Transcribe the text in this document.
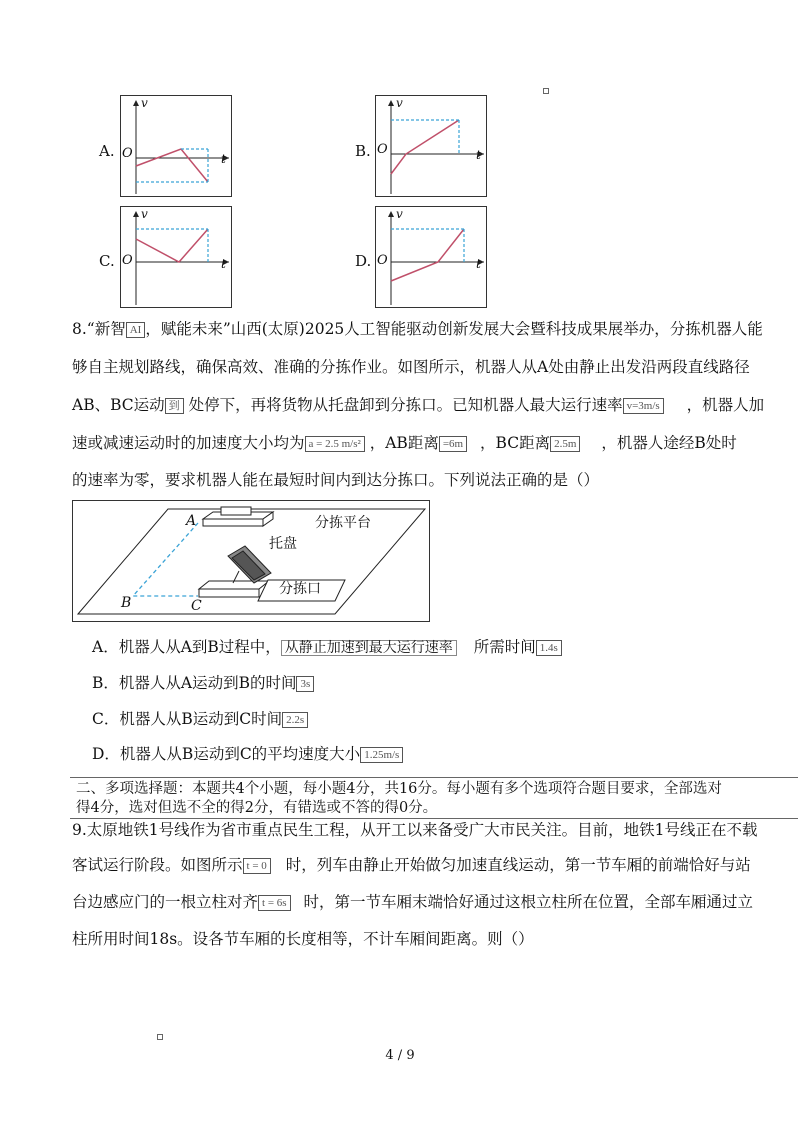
A.
v
O	t	B.
v
O	t
C.
v
O	t	D.
v
O	t
8.“新智 AI ，赋能未来”山西(太原)2025人工智能驱动创新发展大会暨科技成果展举办，分拣机器人能
够自主规划路线，确保高效、准确的分拣作业。如图所示，机器人从A处由静止出发沿两段直线路径
AB、BC运动 到 处停下，再将货物从托盘卸到分拣口。已知机器人最大运行速率 v=3m/s ，机器人加
速或减速运动时的加速度大小均为 a = 2.5 m/s² ，AB距离 =6m ，BC距离 2.5m ，机器人途经B处时
的速率为零，要求机器人能在最短时间内到达分拣口。下列说法正确的是（）
分拣平台
托盘
分拣口
A
B	C
A．机器人从A到B过程中， 从静止加速到最大运行速率 所需时间 1.4s
B．机器人从A运动到B的时间 3s
C．机器人从B运动到C时间 2.2s
D．机器人从B运动到C的平均速度大小 1.25m/s
二、多项选择题：本题共4个小题，每小题4分，共16分。每小题有多个选项符合题目要求，全部选对
得4分，选对但选不全的得2分，有错选或不答的得0分。
9.太原地铁1号线作为省市重点民生工程，从开工以来备受广大市民关注。目前，地铁1号线正在不载
客试运行阶段。如图所示 t = 0 时，列车由静止开始做匀加速直线运动，第一节车厢的前端恰好与站
台边感应门的一根立柱对齐 t = 6s 时，第一节车厢末端恰好通过这根立柱所在位置，全部车厢通过立
柱所用时间18s。设各节车厢的长度相等，不计车厢间距离。则（）
4 / 9
